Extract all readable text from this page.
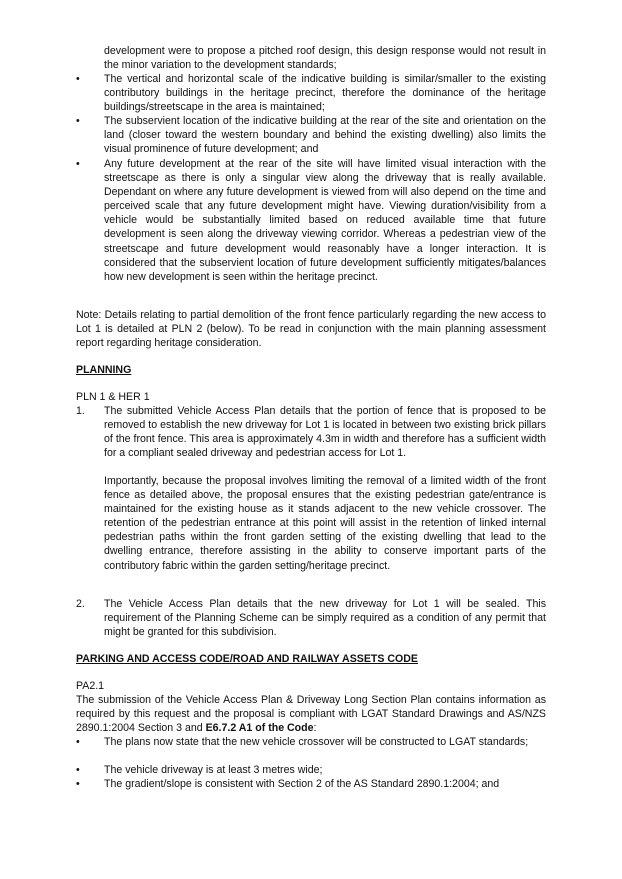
development were to propose a pitched roof design, this design response would not result in the minor variation to the development standards;
•	The vertical and horizontal scale of the indicative building is similar/smaller to the existing contributory buildings in the heritage precinct, therefore the dominance of the heritage buildings/streetscape in the area is maintained;
•	The subservient location of the indicative building at the rear of the site and orientation on the land (closer toward the western boundary and behind the existing dwelling) also limits the visual prominence of future development; and
•	Any future development at the rear of the site will have limited visual interaction with the streetscape as there is only a singular view along the driveway that is really available. Dependant on where any future development is viewed from will also depend on the time and perceived scale that any future development might have. Viewing duration/visibility from a vehicle would be substantially limited based on reduced available time that future development is seen along the driveway viewing corridor. Whereas a pedestrian view of the streetscape and future development would reasonably have a longer interaction. It is considered that the subservient location of future development sufficiently mitigates/balances how new development is seen within the heritage precinct.
Note: Details relating to partial demolition of the front fence particularly regarding the new access to Lot 1 is detailed at PLN 2 (below). To be read in conjunction with the main planning assessment report regarding heritage consideration.
PLANNING
PLN 1 & HER 1
1.	The submitted Vehicle Access Plan details that the portion of fence that is proposed to be removed to establish the new driveway for Lot 1 is located in between two existing brick pillars of the front fence. This area is approximately 4.3m in width and therefore has a sufficient width for a compliant sealed driveway and pedestrian access for Lot 1.
Importantly, because the proposal involves limiting the removal of a limited width of the front fence as detailed above, the proposal ensures that the existing pedestrian gate/entrance is maintained for the existing house as it stands adjacent to the new vehicle crossover. The retention of the pedestrian entrance at this point will assist in the retention of linked internal pedestrian paths within the front garden setting of the existing dwelling that lead to the dwelling entrance, therefore assisting in the ability to conserve important parts of the contributory fabric within the garden setting/heritage precinct.
2.	The Vehicle Access Plan details that the new driveway for Lot 1 will be sealed. This requirement of the Planning Scheme can be simply required as a condition of any permit that might be granted for this subdivision.
PARKING AND ACCESS CODE/ROAD AND RAILWAY ASSETS CODE
PA2.1
The submission of the Vehicle Access Plan & Driveway Long Section Plan contains information as required by this request and the proposal is compliant with LGAT Standard Drawings and AS/NZS 2890.1:2004 Section 3 and E6.7.2 A1 of the Code:
•	The plans now state that the new vehicle crossover will be constructed to LGAT standards;
•	The vehicle driveway is at least 3 metres wide;
•	The gradient/slope is consistent with Section 2 of the AS Standard 2890.1:2004; and
